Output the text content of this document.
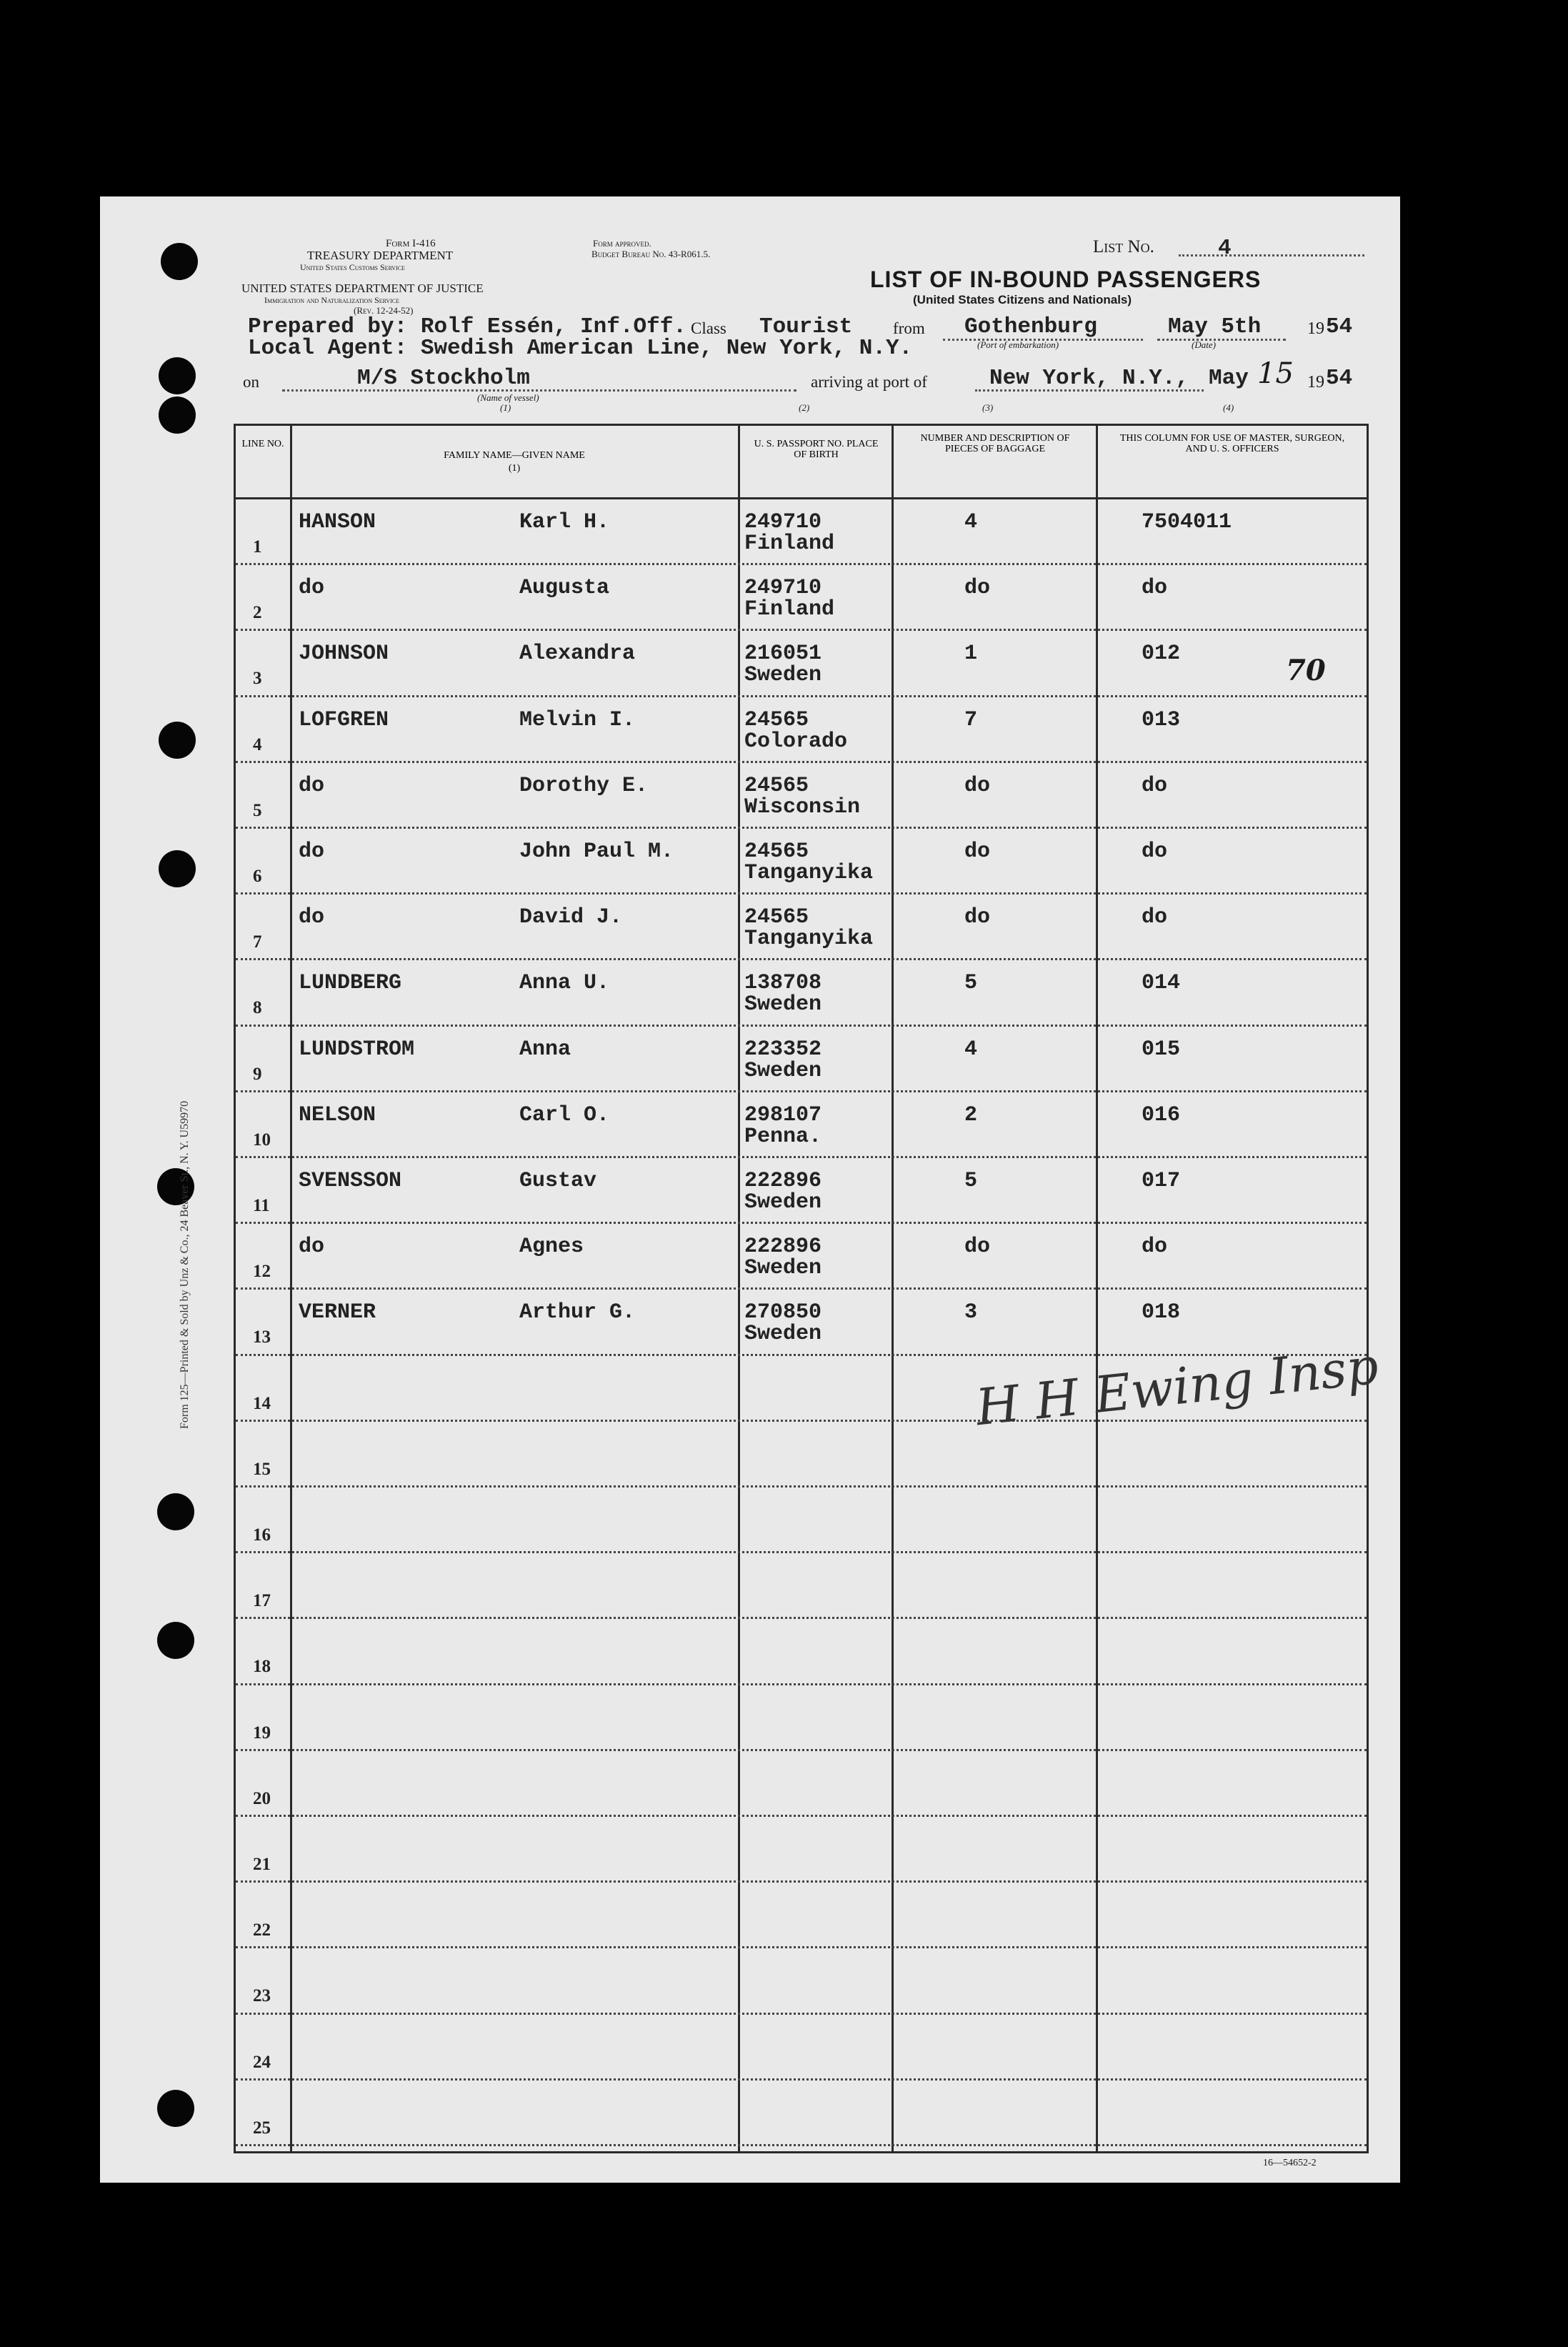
Form I-416
TREASURY DEPARTMENT
United States Customs Service
UNITED STATES DEPARTMENT OF JUSTICE
Immigration and Naturalization Service
(Rev. 12-24-52)
Form approved.
Budget Bureau No. 43-R061.5.	List No.	4
LIST OF IN-BOUND PASSENGERS
(United States Citizens and Nationals)
Prepared by: Rolf Essén, Inf.Off. Class Tourist from Gothenburg
(Port of embarkation)
May 5th
(Date)
19 54
Local Agent: Swedish American Line, New York, N.Y.
on	M/S Stockholm
(Name of vessel)
(1)
arriving at port of	New York, N.Y., May 15 19 54
(2)	(3)	(4)
Form 125—Printed & Sold by Unz & Co., 24 Beaver St., N. Y. U59970
LINE NO.
FAMILY NAME—GIVEN NAME
(1)
U. S. PASSPORT NO. PLACE OF BIRTH
NUMBER AND DESCRIPTION OF PIECES OF BAGGAGE
THIS COLUMN FOR USE OF MASTER, SURGEON, AND U. S. OFFICERS
1
HANSON	Karl H.	249710
Finland
4	7504011
2
do	Augusta	249710
Finland
do	do
3
JOHNSON	Alexandra	216051
Sweden
1	012
4
LOFGREN	Melvin I.	24565
Colorado
7	013
5
do	Dorothy E.	24565
Wisconsin
do	do
6
do	John Paul M.	24565
Tanganyika
do	do
7
do	David J.	24565
Tanganyika
do	do
8
LUNDBERG	Anna U.	138708
Sweden
5	014
9
LUNDSTROM	Anna	223352
Sweden
4	015
10
NELSON	Carl O.	298107
Penna.
2	016
11
SVENSSON	Gustav	222896
Sweden
5	017
12
do	Agnes	222896
Sweden
do	do
13
VERNER	Arthur G.	270850
Sweden
3	018
14
15
16
17
18
19
20
21
22
23
24
25
70
H H Ewing Insp
16—54652-2
